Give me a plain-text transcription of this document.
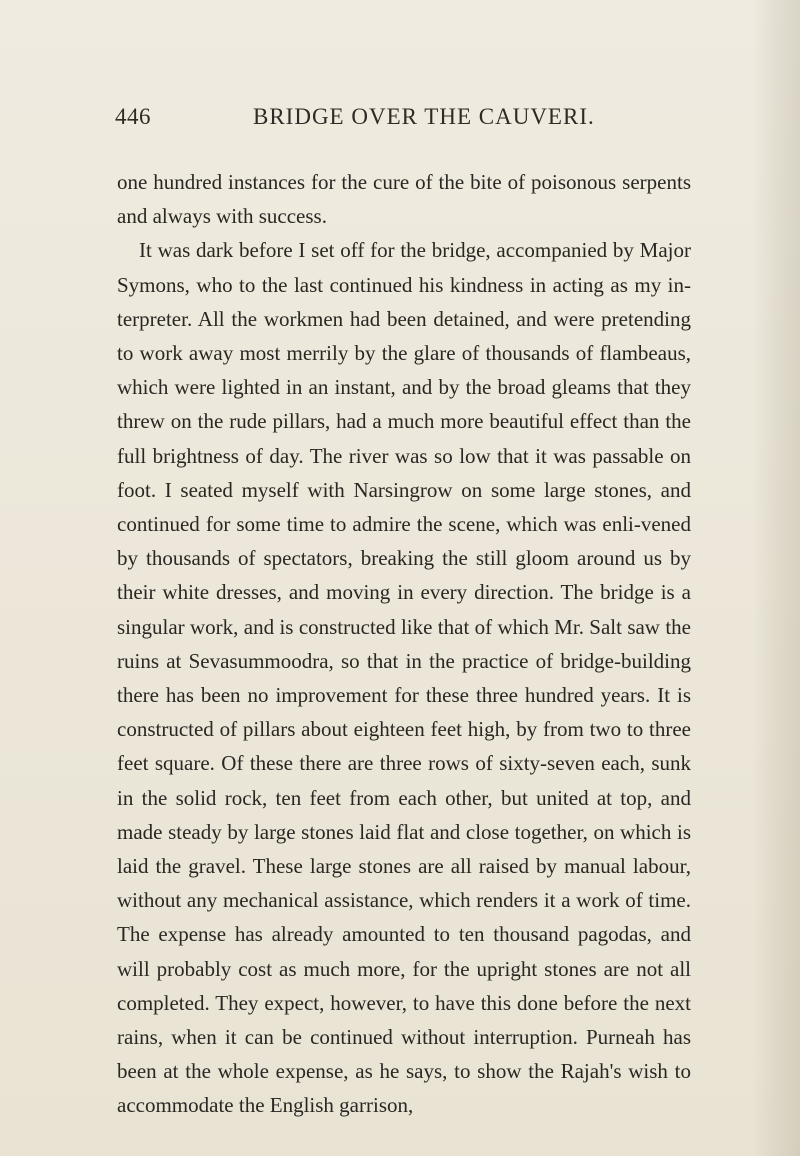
446	BRIDGE OVER THE CAUVERI.

one hundred instances for the cure of the bite of poisonous serpents and always with success.

It was dark before I set off for the bridge, accompanied by Major Symons, who to the last continued his kindness in acting as my in-terpreter. All the workmen had been detained, and were pretending to work away most merrily by the glare of thousands of flambeaus, which were lighted in an instant, and by the broad gleams that they threw on the rude pillars, had a much more beautiful effect than the full brightness of day. The river was so low that it was passable on foot. I seated myself with Narsingrow on some large stones, and continued for some time to admire the scene, which was enli-vened by thousands of spectators, breaking the still gloom around us by their white dresses, and moving in every direction. The bridge is a singular work, and is constructed like that of which Mr. Salt saw the ruins at Sevasummoodra, so that in the practice of bridge-building there has been no improvement for these three hundred years. It is constructed of pillars about eighteen feet high, by from two to three feet square. Of these there are three rows of sixty-seven each, sunk in the solid rock, ten feet from each other, but united at top, and made steady by large stones laid flat and close together, on which is laid the gravel. These large stones are all raised by manual labour, without any mechanical assistance, which renders it a work of time. The expense has already amounted to ten thousand pagodas, and will probably cost as much more, for the upright stones are not all completed. They expect, however, to have this done before the next rains, when it can be continued without interruption. Purneah has been at the whole expense, as he says, to show the Rajah's wish to accommodate the English garrison,
